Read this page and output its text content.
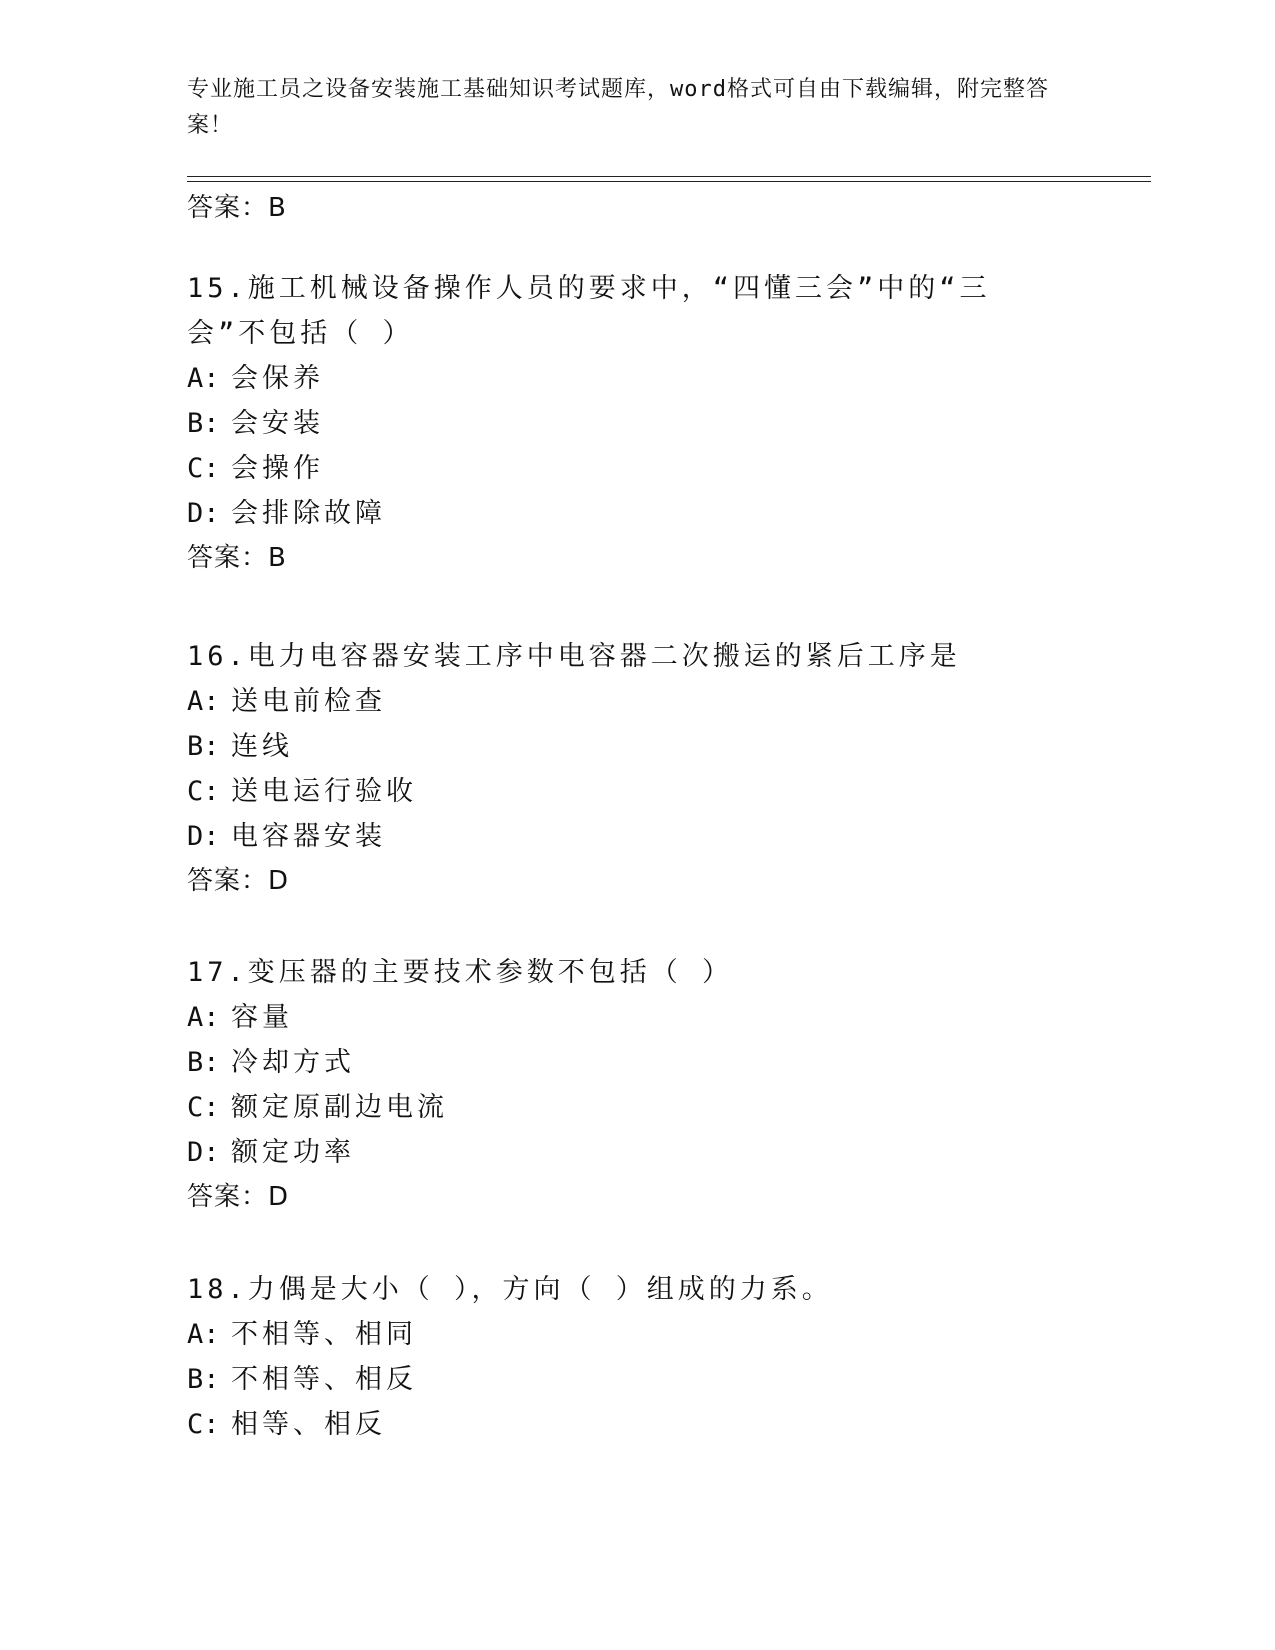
专业施工员之设备安装施工基础知识考试题库，word格式可自由下载编辑，附完整答案！
答案：B
15.施工机械设备操作人员的要求中，“四懂三会”中的“三会”不包括（ ）
A: 会保养
B: 会安装
C: 会操作
D: 会排除故障
答案：B
16.电力电容器安装工序中电容器二次搬运的紧后工序是
A: 送电前检查
B: 连线
C: 送电运行验收
D: 电容器安装
答案：D
17.变压器的主要技术参数不包括（ ）
A: 容量
B: 冷却方式
C: 额定原副边电流
D: 额定功率
答案：D
18.力偶是大小（ ），方向（ ）组成的力系。
A: 不相等、相同
B: 不相等、相反
C: 相等、相反
